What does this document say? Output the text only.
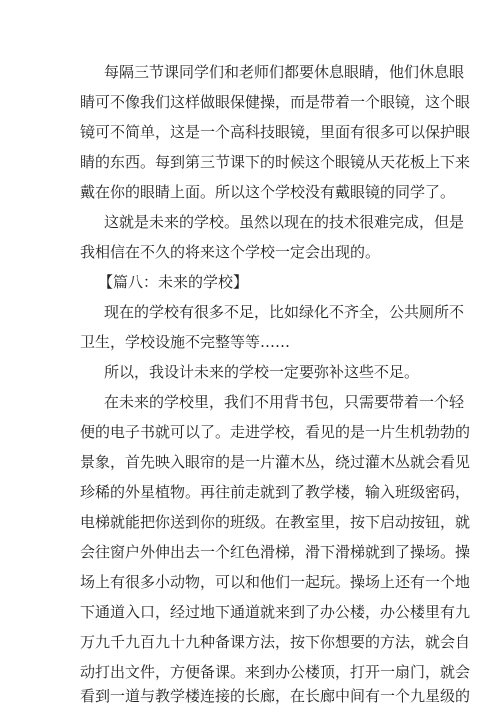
每隔三节课同学们和老师们都要休息眼睛，他们休息眼
睛可不像我们这样做眼保健操，而是带着一个眼镜，这个眼
镜可不简单，这是一个高科技眼镜，里面有很多可以保护眼
睛的东西。每到第三节课下的时候这个眼镜从天花板上下来
戴在你的眼睛上面。所以这个学校没有戴眼镜的同学了。
这就是未来的学校。虽然以现在的技术很难完成，但是
我相信在不久的将来这个学校一定会出现的。
【篇八：未来的学校】
现在的学校有很多不足，比如绿化不齐全，公共厕所不
卫生，学校设施不完整等等……
所以，我设计未来的学校一定要弥补这些不足。
在未来的学校里，我们不用背书包，只需要带着一个轻
便的电子书就可以了。走进学校，看见的是一片生机勃勃的
景象，首先映入眼帘的是一片灌木丛，绕过灌木丛就会看见
珍稀的外星植物。再往前走就到了教学楼，输入班级密码，
电梯就能把你送到你的班级。在教室里，按下启动按钮，就
会往窗户外伸出去一个红色滑梯，滑下滑梯就到了操场。操
场上有很多小动物，可以和他们一起玩。操场上还有一个地
下通道入口，经过地下通道就来到了办公楼，办公楼里有九
万九千九百九十九种备课方法，按下你想要的方法，就会自
动打出文件，方便备课。来到办公楼顶，打开一扇门，就会
看到一道与教学楼连接的长廊，在长廊中间有一个九星级的
